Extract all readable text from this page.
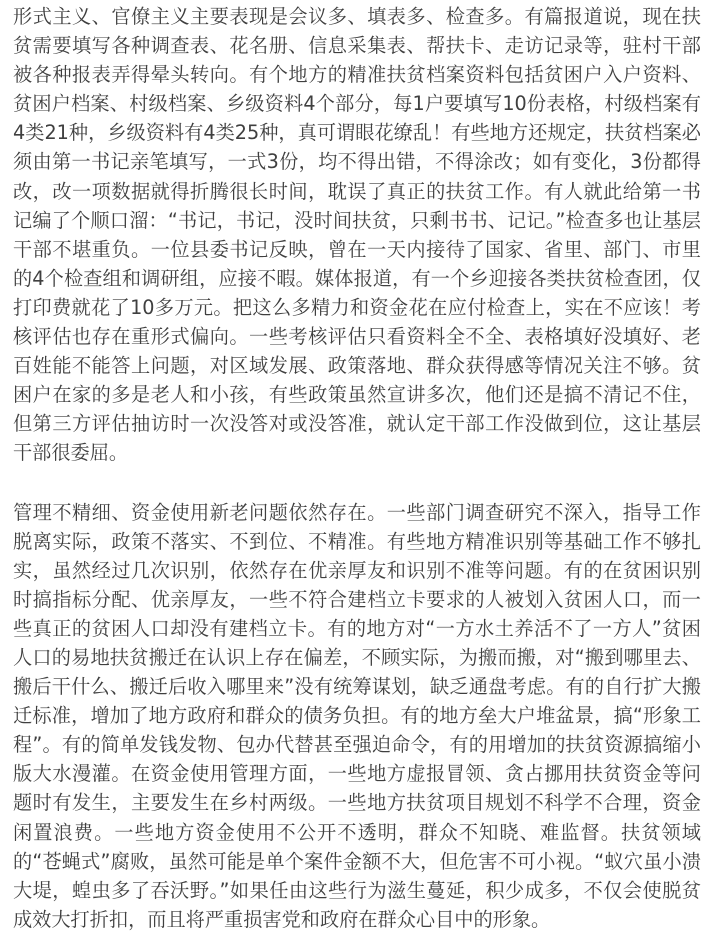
形式主义、官僚主义主要表现是会议多、填表多、检查多。有篇报道说，现在扶贫需要填写各种调查表、花名册、信息采集表、帮扶卡、走访记录等，驻村干部被各种报表弄得晕头转向。有个地方的精准扶贫档案资料包括贫困户入户资料、贫困户档案、村级档案、乡级资料4个部分，每1户要填写10份表格，村级档案有4类21种，乡级资料有4类25种，真可谓眼花缭乱！有些地方还规定，扶贫档案必须由第一书记亲笔填写，一式3份，均不得出错，不得涂改；如有变化，3份都得改，改一项数据就得折腾很长时间，耽误了真正的扶贫工作。有人就此给第一书记编了个顺口溜：“书记，书记，没时间扶贫，只剩书书、记记。”检查多也让基层干部不堪重负。一位县委书记反映，曾在一天内接待了国家、省里、部门、市里的4个检查组和调研组，应接不暇。媒体报道，有一个乡迎接各类扶贫检查团，仅打印费就花了10多万元。把这么多精力和资金花在应付检查上，实在不应该！考核评估也存在重形式偏向。一些考核评估只看资料全不全、表格填好没填好、老百姓能不能答上问题，对区域发展、政策落地、群众获得感等情况关注不够。贫困户在家的多是老人和小孩，有些政策虽然宣讲多次，他们还是搞不清记不住，但第三方评估抽访时一次没答对或没答准，就认定干部工作没做到位，这让基层干部很委屈。

管理不精细、资金使用新老问题依然存在。一些部门调查研究不深入，指导工作脱离实际，政策不落实、不到位、不精准。有些地方精准识别等基础工作不够扎实，虽然经过几次识别，依然存在优亲厚友和识别不准等问题。有的在贫困识别时搞指标分配、优亲厚友，一些不符合建档立卡要求的人被划入贫困人口，而一些真正的贫困人口却没有建档立卡。有的地方对“一方水土养活不了一方人”贫困人口的易地扶贫搬迁在认识上存在偏差，不顾实际，为搬而搬，对“搬到哪里去、搬后干什么、搬迁后收入哪里来”没有统筹谋划，缺乏通盘考虑。有的自行扩大搬迁标准，增加了地方政府和群众的债务负担。有的地方垒大户堆盆景，搞“形象工程”。有的简单发钱发物、包办代替甚至强迫命令，有的用增加的扶贫资源搞缩小版大水漫灌。在资金使用管理方面，一些地方虚报冒领、贪占挪用扶贫资金等问题时有发生，主要发生在乡村两级。一些地方扶贫项目规划不科学不合理，资金闲置浪费。一些地方资金使用不公开不透明，群众不知晓、难监督。扶贫领域的“苍蝇式”腐败，虽然可能是单个案件金额不大，但危害不可小视。“蚁穴虽小溃大堤，蝗虫多了吞沃野。”如果任由这些行为滋生蔓延，积少成多，不仅会使脱贫成效大打折扣，而且将严重损害党和政府在群众心目中的形象。
